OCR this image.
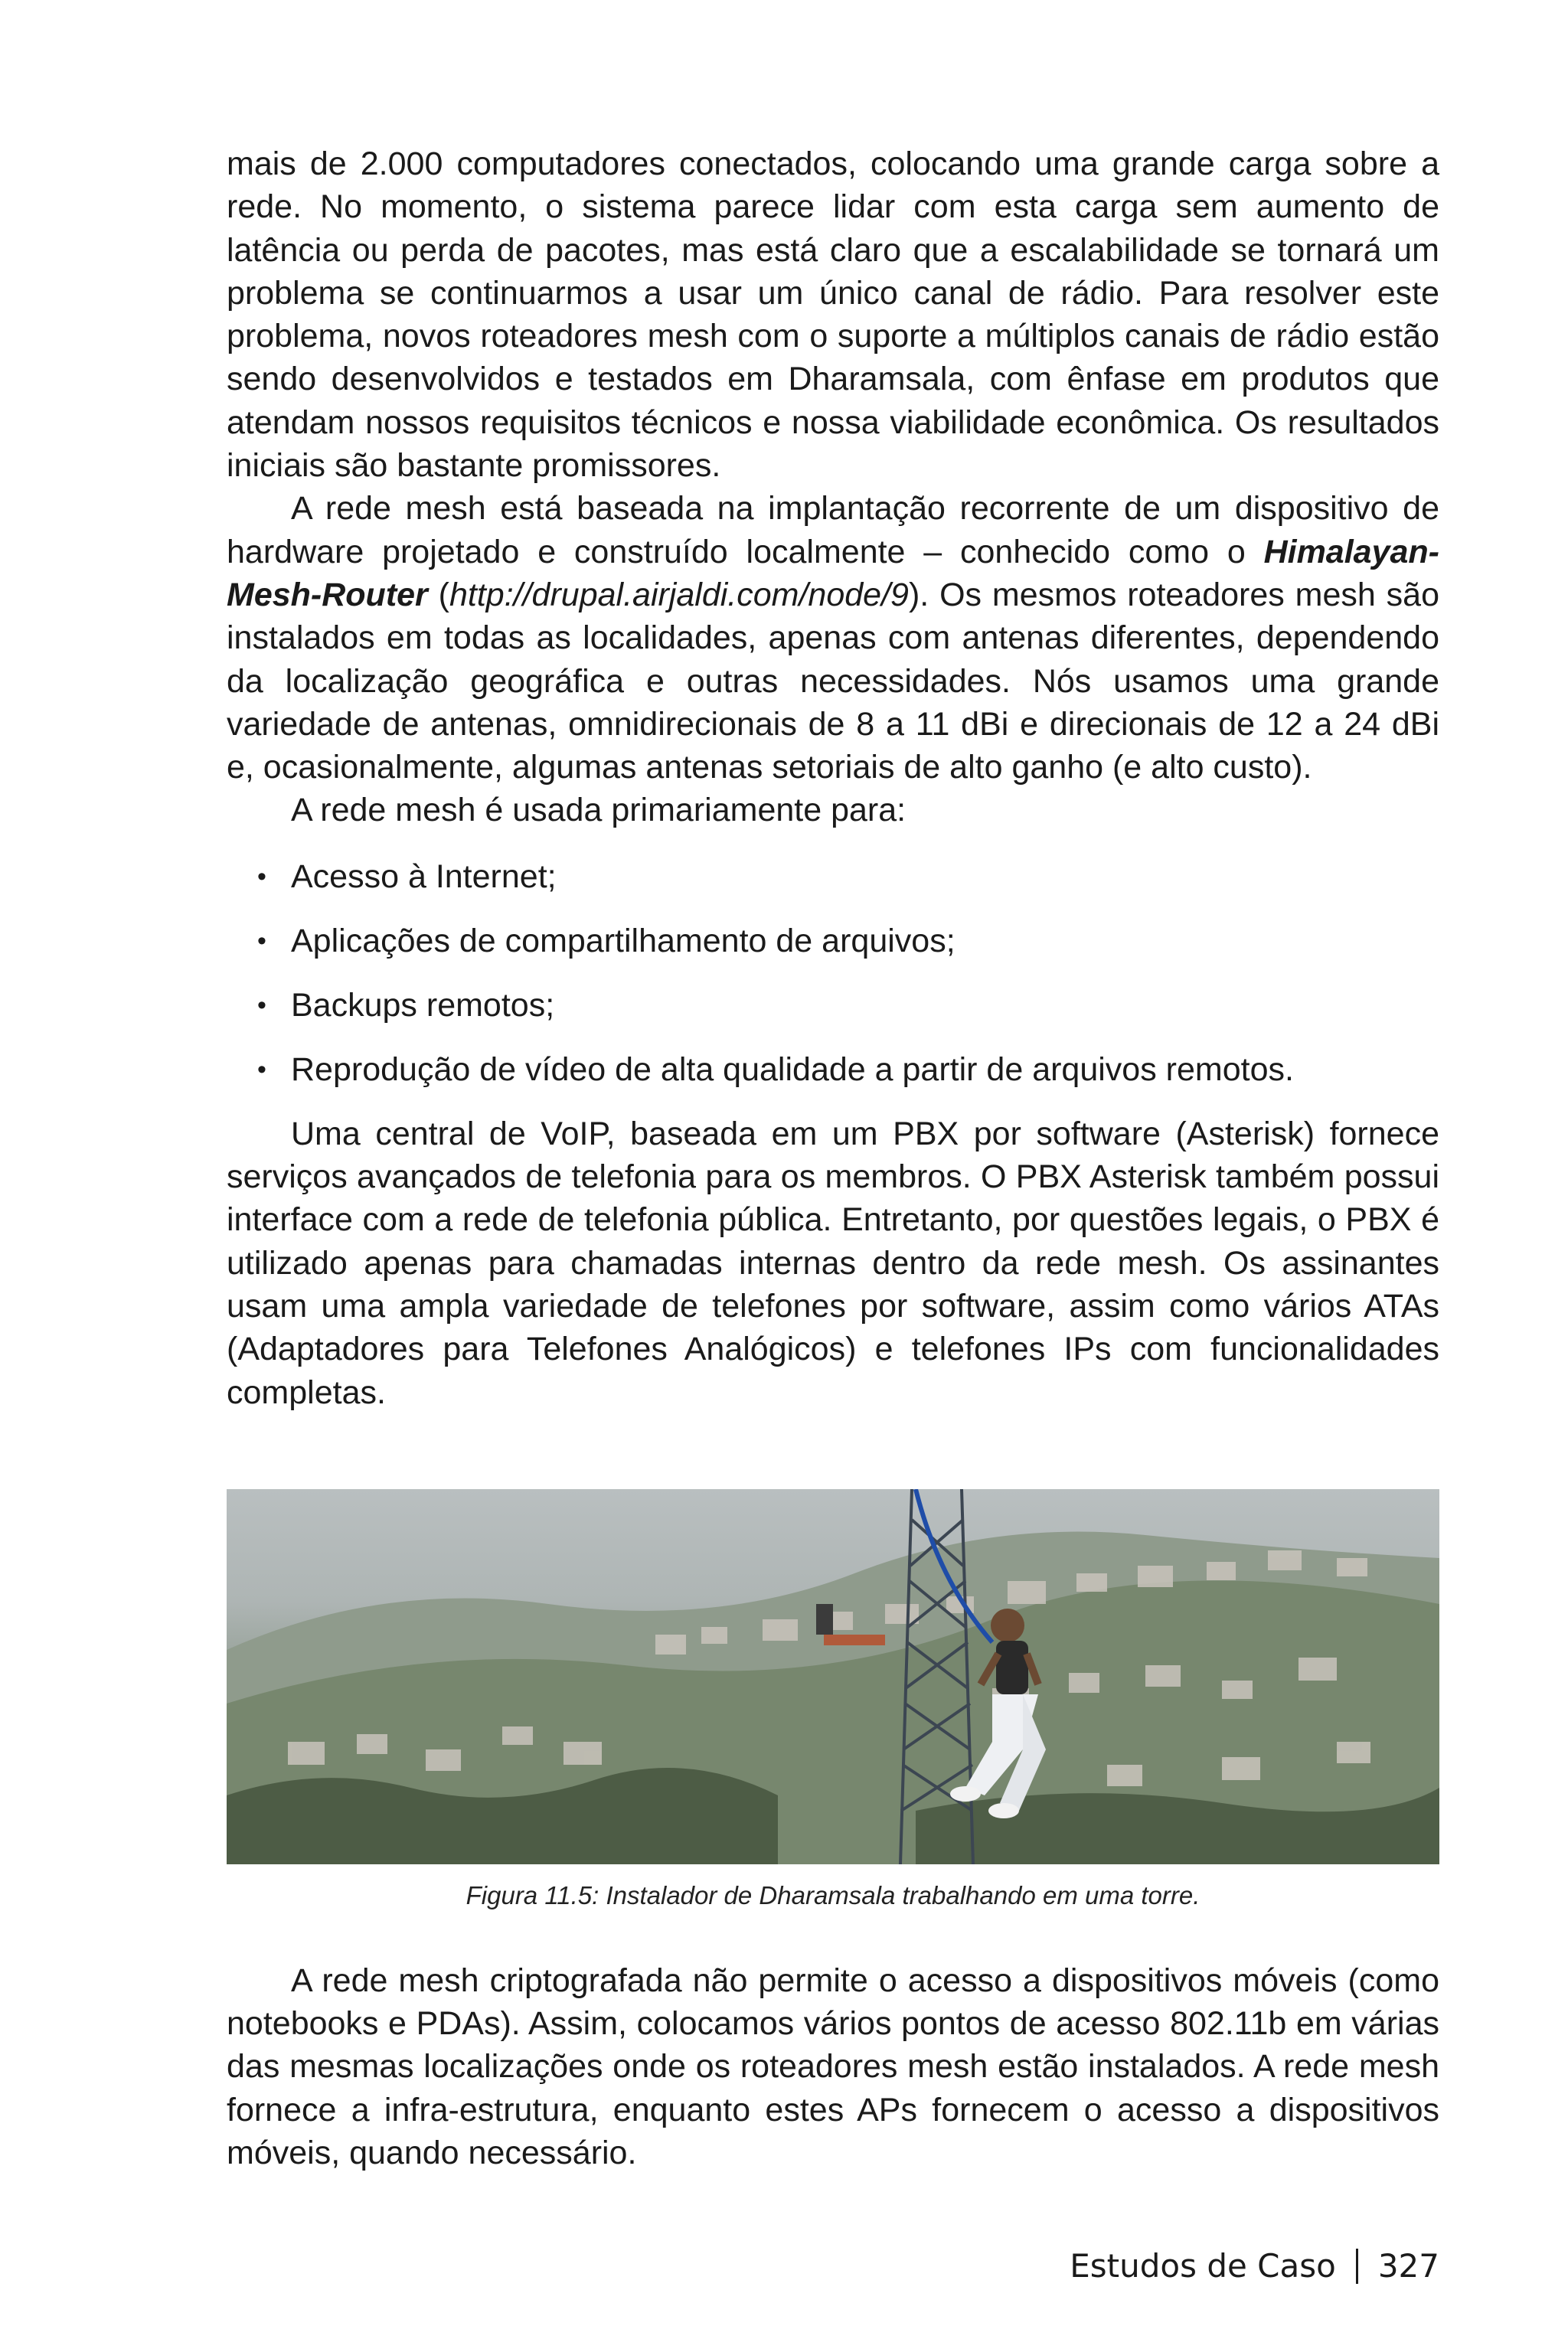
mais de 2.000 computadores conectados, colocando uma grande carga sobre a rede. No momento, o sistema parece lidar com esta carga sem aumento de latência ou perda de pacotes, mas está claro que a escalabilidade se tornará um problema se continuarmos a usar um único canal de rádio. Para resolver este problema, novos roteadores mesh com o suporte a múltiplos canais de rádio estão sendo desenvolvidos e testados em Dharamsala, com ênfase em produtos que atendam nossos requisitos técnicos e nossa viabilidade econômica. Os resultados iniciais são bastante promissores.

A rede mesh está baseada na implantação recorrente de um dispositivo de hardware projetado e construído localmente – conhecido como o Himalayan-Mesh-Router (http://drupal.airjaldi.com/node/9). Os mesmos roteadores mesh são instalados em todas as localidades, apenas com antenas diferentes, dependendo da localização geográfica e outras necessidades. Nós usamos uma grande variedade de antenas, omnidirecionais de 8 a 11 dBi e direcionais de 12 a 24 dBi e, ocasionalmente, algumas antenas setoriais de alto ganho (e alto custo).

A rede mesh é usada primariamente para:

• Acesso à Internet;
• Aplicações de compartilhamento de arquivos;
• Backups remotos;
• Reprodução de vídeo de alta qualidade a partir de arquivos remotos.

Uma central de VoIP, baseada em um PBX por software (Asterisk) fornece serviços avançados de telefonia para os membros. O PBX Asterisk também possui interface com a rede de telefonia pública. Entretanto, por questões legais, o PBX é utilizado apenas para chamadas internas dentro da rede mesh. Os assinantes usam uma ampla variedade de telefones por software, assim como vários ATAs (Adaptadores para Telefones Analógicos) e telefones IPs com funcionalidades completas.

Figura 11.5: Instalador de Dharamsala trabalhando em uma torre.

A rede mesh criptografada não permite o acesso a dispositivos móveis (como notebooks e PDAs). Assim, colocamos vários pontos de acesso 802.11b em várias das mesmas localizações onde os roteadores mesh estão instalados. A rede mesh fornece a infra-estrutura, enquanto estes APs fornecem o acesso a dispositivos móveis, quando necessário.

Estudos de Caso 327
